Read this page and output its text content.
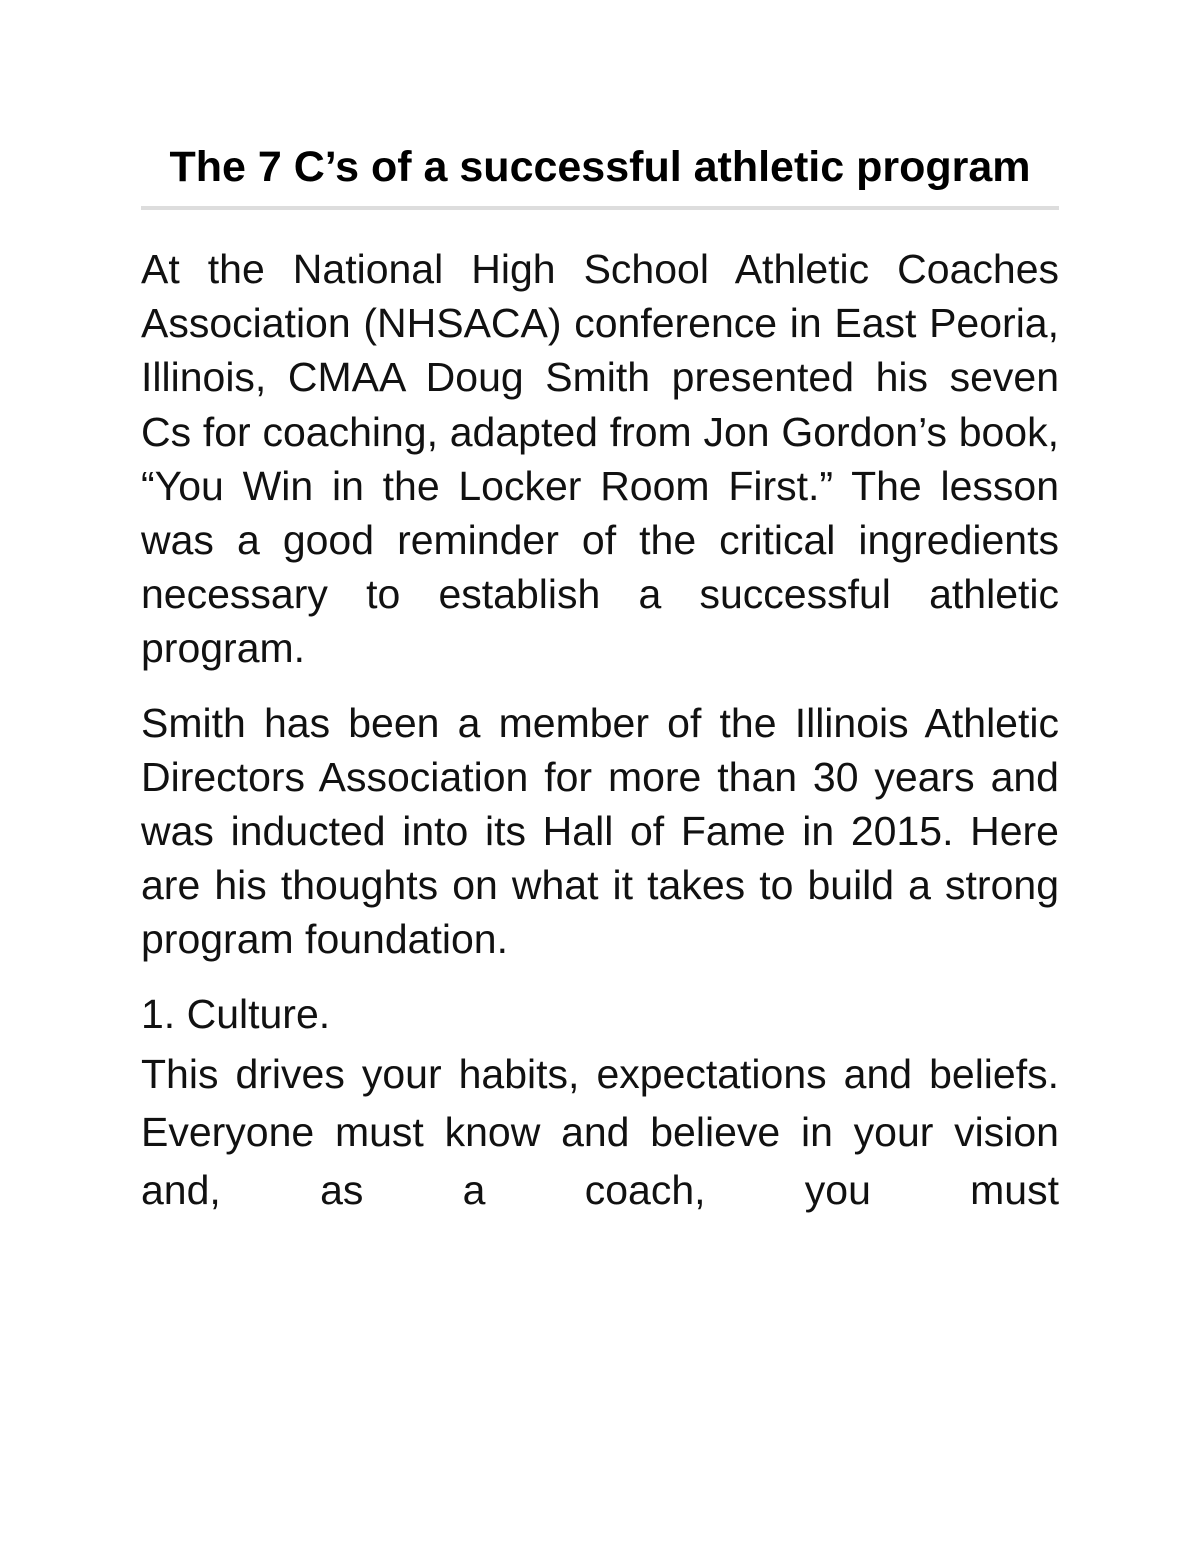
The 7 C’s of a successful athletic program

At the National High School Athletic Coaches Association (NHSACA) conference in East Peoria, Illinois, CMAA Doug Smith presented his seven Cs for coaching, adapted from Jon Gordon’s book, “You Win in the Locker Room First.” The lesson was a good reminder of the critical ingredients necessary to establish a successful athletic program.

Smith has been a member of the Illinois Athletic Directors Association for more than 30 years and was inducted into its Hall of Fame in 2015. Here are his thoughts on what it takes to build a strong program foundation.

1. Culture.

This drives your habits, expectations and beliefs. Everyone must know and believe in your vision and, as a coach, you must
